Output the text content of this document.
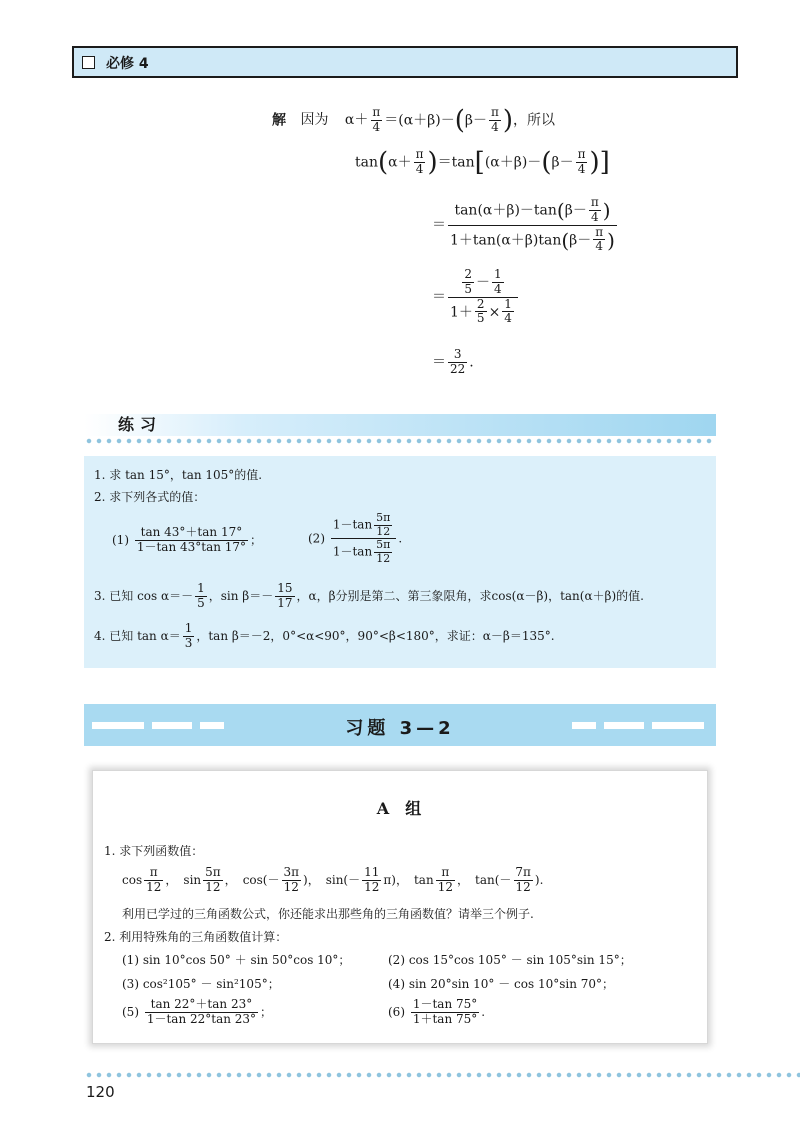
必修 4
解 因为 $\alpha+ \frac{\pi}{4} =(\alpha+\beta)-(\beta- \frac{\pi}{4}$ )，所以
$\tan(\alpha+ \frac{\pi}{4} )=\tan[(\alpha+\beta)-(\beta- \frac{\pi}{4}$ )]
＝ $\frac{\tan(\alpha+\beta)-\tan(\beta- \frac{\pi}{4} )}{1+\tan(\alpha+\beta)\tan(\beta- \frac{\pi}{4} )}$
＝ $\frac{\frac{2}{5} - \frac{1}{4}}{1+ \frac{2}{5} \times \frac{1}{4}}$
＝ $\frac{3}{22}$ .
练习
1. 求 tan 15°，tan 105°的值.
2. 求下列各式的值：
$(1) \frac{\tan 43^\circ+\tan 17^\circ}{1-\tan 43^\circ\tan 17^\circ}$ ；	$(2) \frac{1-\tan \frac{5\pi}{12}}{1-\tan \frac{5\pi}{12}}$ .
3. 已知 $\cos \alpha=- \frac{1}{5}$ ，$\sin \beta=- \frac{15}{17}$ ，α，β分别是第二、第三象限角，求cos(α－β)，tan(α＋β)的值.
4. 已知 $\tan \alpha= \frac{1}{3}$ ，tan β＝－2，0°<α<90°，90°<β<180°，求证：α－β＝135°.
习题 3—2
A　组
1. 求下列函数值：
$\cos \frac{\pi}{12}$ ， $\sin \frac{5\pi}{12}$ ， $\cos(- \frac{3\pi}{12}$ )， $\sin(- \frac{11}{12} \pi)$， $\tan \frac{\pi}{12}$ ， $\tan(- \frac{7\pi}{12}$ ).
利用已学过的三角函数公式，你还能求出那些角的三角函数值？请举三个例子.
2. 利用特殊角的三角函数值计算：
(1) sin 10°cos 50° ＋ sin 50°cos 10°；	(2) cos 15°cos 105° － sin 105°sin 15°；
(3) cos²105° － sin²105°；	(4) sin 20°sin 10° － cos 10°sin 70°；
$(5) \frac{\tan 22^\circ+\tan 23^\circ}{1-\tan 22^\circ\tan 23^\circ}$ ；	$(6) \frac{1-\tan 75^\circ}{1+\tan 75^\circ}$ .
120
